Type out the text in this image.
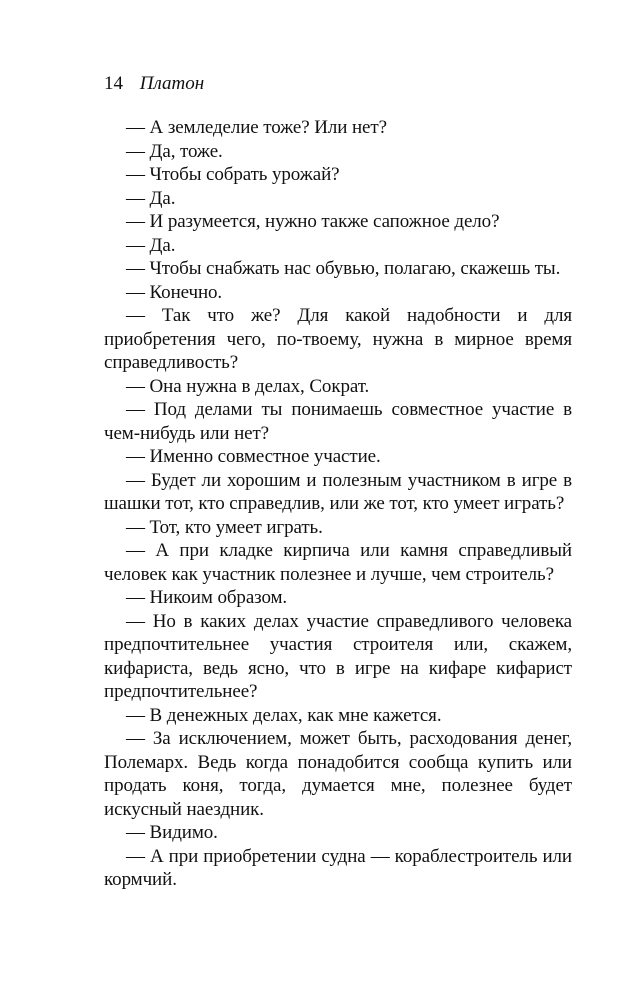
14 Платон

— А земледелие тоже? Или нет?

— Да, тоже.

— Чтобы собрать урожай?

— Да.

— И разумеется, нужно также сапожное дело?

— Да.

— Чтобы снабжать нас обувью, полагаю, скажешь ты.

— Конечно.

— Так что же? Для какой надобности и для приобретения чего, по-твоему, нужна в мирное время справедливость?

— Она нужна в делах, Сократ.

— Под делами ты понимаешь совместное участие в чем-нибудь или нет?

— Именно совместное участие.

— Будет ли хорошим и полезным участником в игре в шашки тот, кто справедлив, или же тот, кто умеет играть?

— Тот, кто умеет играть.

— А при кладке кирпича или камня справедливый человек как участник полезнее и лучше, чем строитель?

— Никоим образом.

— Но в каких делах участие справедливого человека предпочтительнее участия строителя или, скажем, кифариста, ведь ясно, что в игре на кифаре кифарист предпочтительнее?

— В денежных делах, как мне кажется.

— За исключением, может быть, расходования денег, Полемарх. Ведь когда понадобится сообща купить или продать коня, тогда, думается мне, полезнее будет искусный наездник.

— Видимо.

— А при приобретении судна — кораблестроитель или кормчий.
